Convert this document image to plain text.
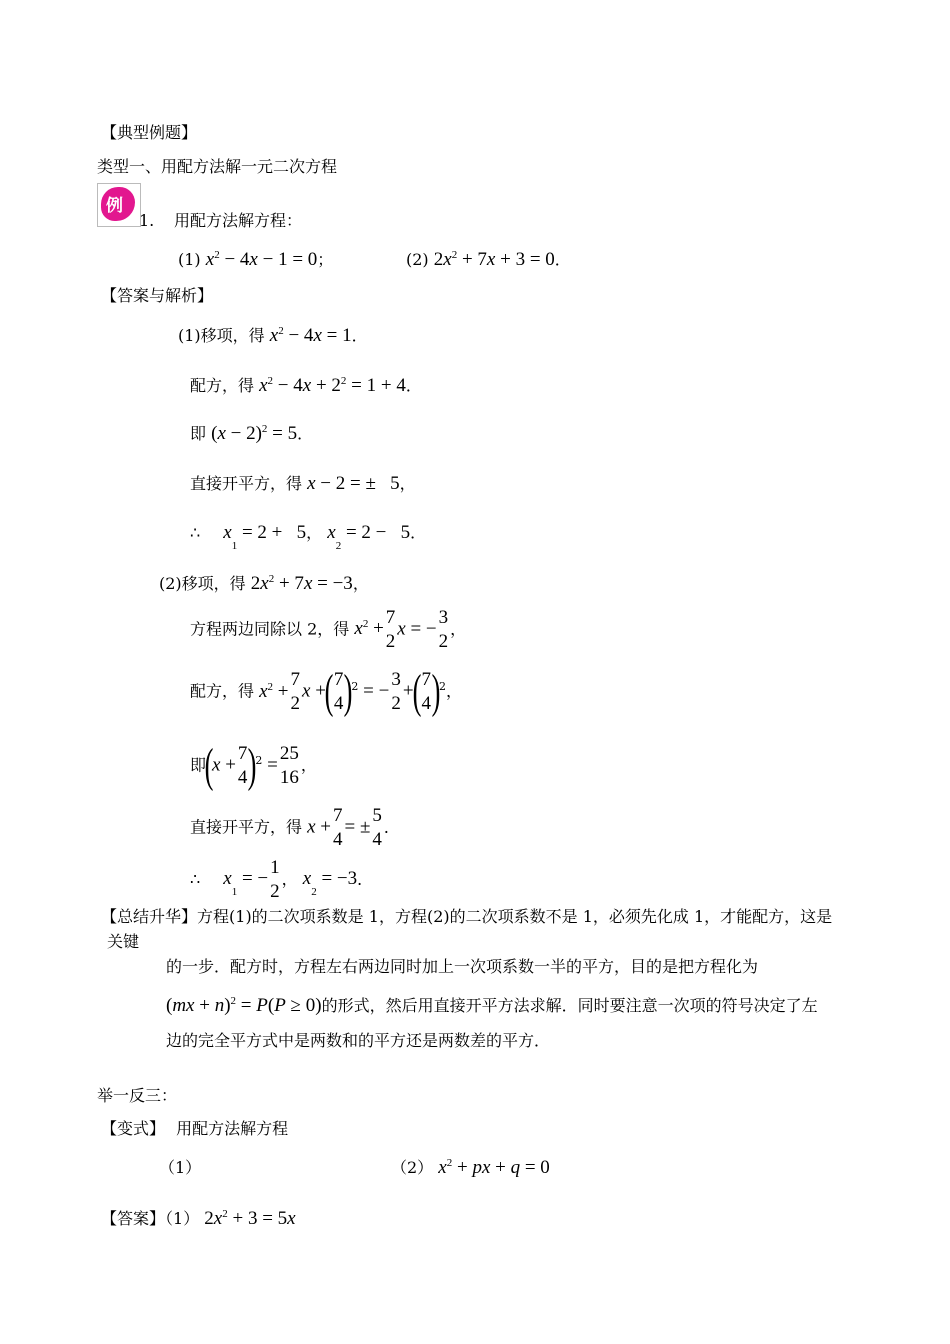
【典型例题】
类型一、用配方法解一元二次方程
例
1. 用配方法解方程：
(1) $x^2 - 4x - 1 = 0$；	(2) $2x^2 + 7x + 3 = 0$．
【答案与解析】
(1)移项，得 $x^2 - 4x = 1$．
配方，得 $x^2 - 4x + 2^2 = 1 + 4$．
即 $(x - 2)^2 = 5$．
直接开平方，得 x − 2 = ±   5，
∴ $x_1 = 2 + 5$， $x_2 = 2 - 5$．
(2)移项，得 $2x^2 + 7x = -3$，
方程两边同除以 2，得 $x^2$ +
7
2
x = −
3
2
，
配方，得 $x^2$ +
7
2
x +( 7
4 )$^2$ = −
3
2
+( 7
4 )$^2$，
即(x +
7
4 )$^2$ =
25
16
，
直接开平方，得 x +
7
4
= ±
5
4
．
∴ $x_1$ = −
1
2
， $x_2 = -3$．
【总结升华】方程(1)的二次项系数是 1，方程(2)的二次项系数不是 1，必须先化成 1，才能配方，这是
关键
的一步．配方时，方程左右两边同时加上一次项系数一半的平方，目的是把方程化为
(mx + n)$^2$ = P(P ≥ 0)的形式，然后用直接开平方法求解．同时要注意一次项的符号决定了左
边的完全平方式中是两数和的平方还是两数差的平方．
举一反三：
【变式】 用配方法解方程
（1）	（2） $x^2$ + px + q = 0
【答案】（1） $2x^2 + 3 = 5x$
